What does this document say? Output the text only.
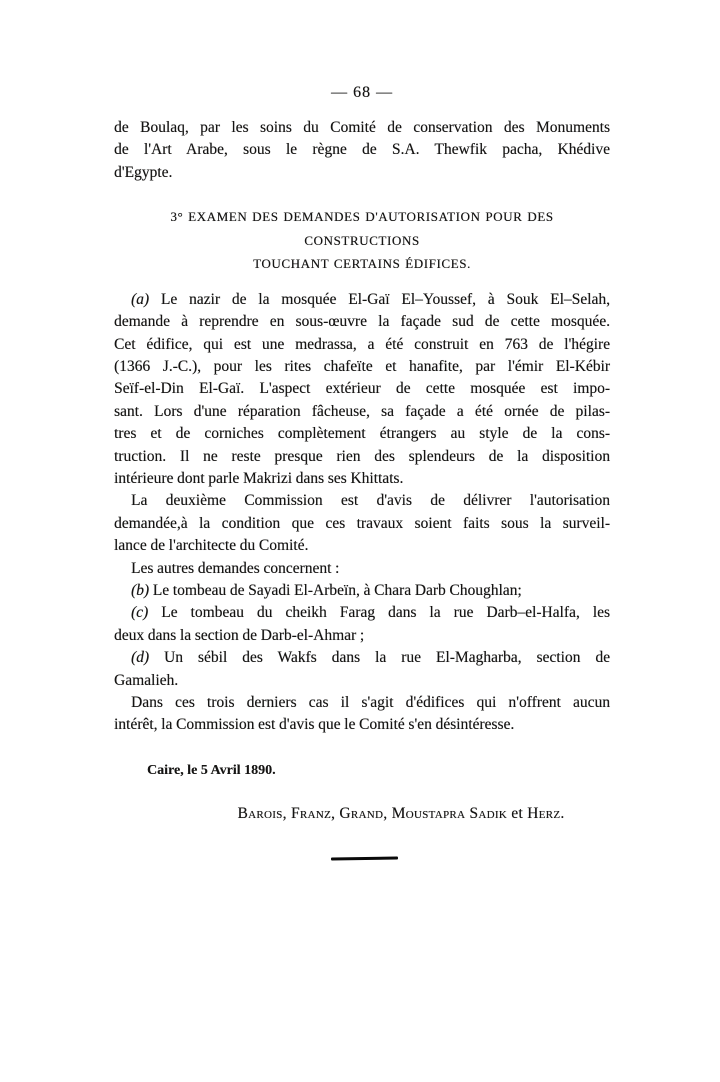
— 68 —
de Boulaq, par les soins du Comité de conservation des Monuments
de l'Art Arabe, sous le règne de S.A. Thewfik pacha, Khédive
d'Egypte.
3° EXAMEN DES DEMANDES D'AUTORISATION POUR DES CONSTRUCTIONS
TOUCHANT CERTAINS ÉDIFICES.
(a) Le nazir de la mosquée El-Gaï El–Youssef, à Souk El–Selah,
demande à reprendre en sous-œuvre la façade sud de cette mosquée.
Cet édifice, qui est une medrassa, a été construit en 763 de l'hégire
(1366 J.-C.), pour les rites chafeïte et hanafite, par l'émir El-Kébir
Seïf-el-Din El-Gaï. L'aspect extérieur de cette mosquée est impo-
sant. Lors d'une réparation fâcheuse, sa façade a été ornée de pilas-
tres et de corniches complètement étrangers au style de la cons-
truction. Il ne reste presque rien des splendeurs de la disposition
intérieure dont parle Makrizi dans ses Khittats.
La deuxième Commission est d'avis de délivrer l'autorisation
demandée,à la condition que ces travaux soient faits sous la surveil-
lance de l'architecte du Comité.
Les autres demandes concernent :
(b) Le tombeau de Sayadi El-Arbeïn, à Chara Darb Choughlan;
(c) Le tombeau du cheikh Farag dans la rue Darb–el-Halfa, les
deux dans la section de Darb-el-Ahmar ;
(d) Un sébil des Wakfs dans la rue El-Magharba, section de
Gamalieh.
Dans ces trois derniers cas il s'agit d'édifices qui n'offrent aucun
intérêt, la Commission est d'avis que le Comité s'en désintéresse.
Caire, le 5 Avril 1890.
Barois, Franz, Grand, Moustapra Sadik et Herz.
